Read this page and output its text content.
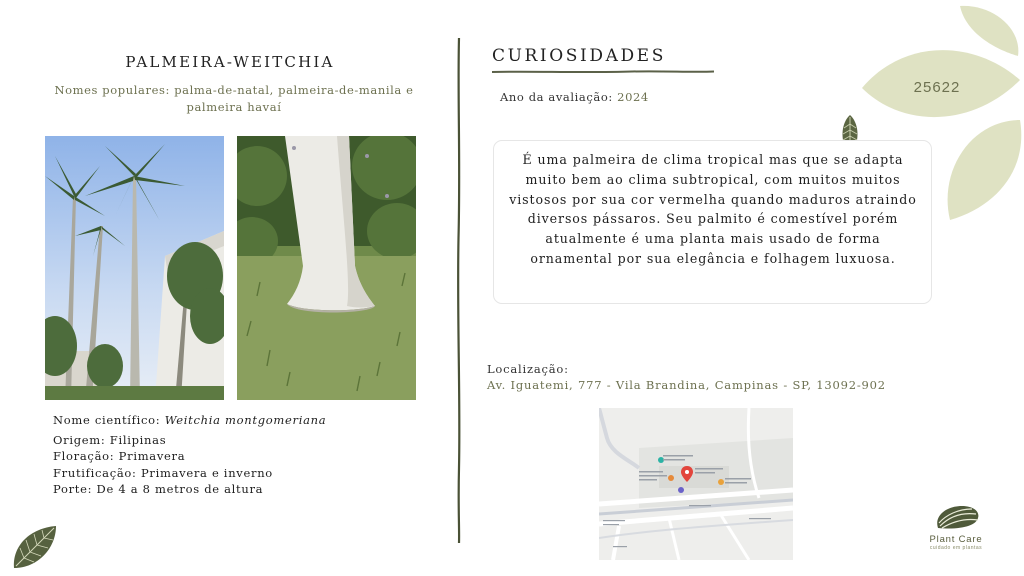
25622
PALMEIRA-WEITCHIA
Nomes populares: palma-de-natal, palmeira-de-manila e palmeira havaí
Nome científico: Weitchia montgomeriana
Origem: Filipinas
Floração: Primavera
Frutificação: Primavera e inverno
Porte: De 4 a 8 metros de altura
CURIOSIDADES
Ano da avaliação: 2024
É uma palmeira de clima tropical mas que se adapta muito bem ao clima subtropical, com muitos muitos vistosos por sua cor vermelha quando maduros atraindo diversos pássaros. Seu palmito é comestível porém atualmente é uma planta mais usado de forma ornamental por sua elegância e folhagem luxuosa.
Localização:
Av. Iguatemi, 777 - Vila Brandina, Campinas - SP, 13092-902
Plant Care
cuidado em plantas
